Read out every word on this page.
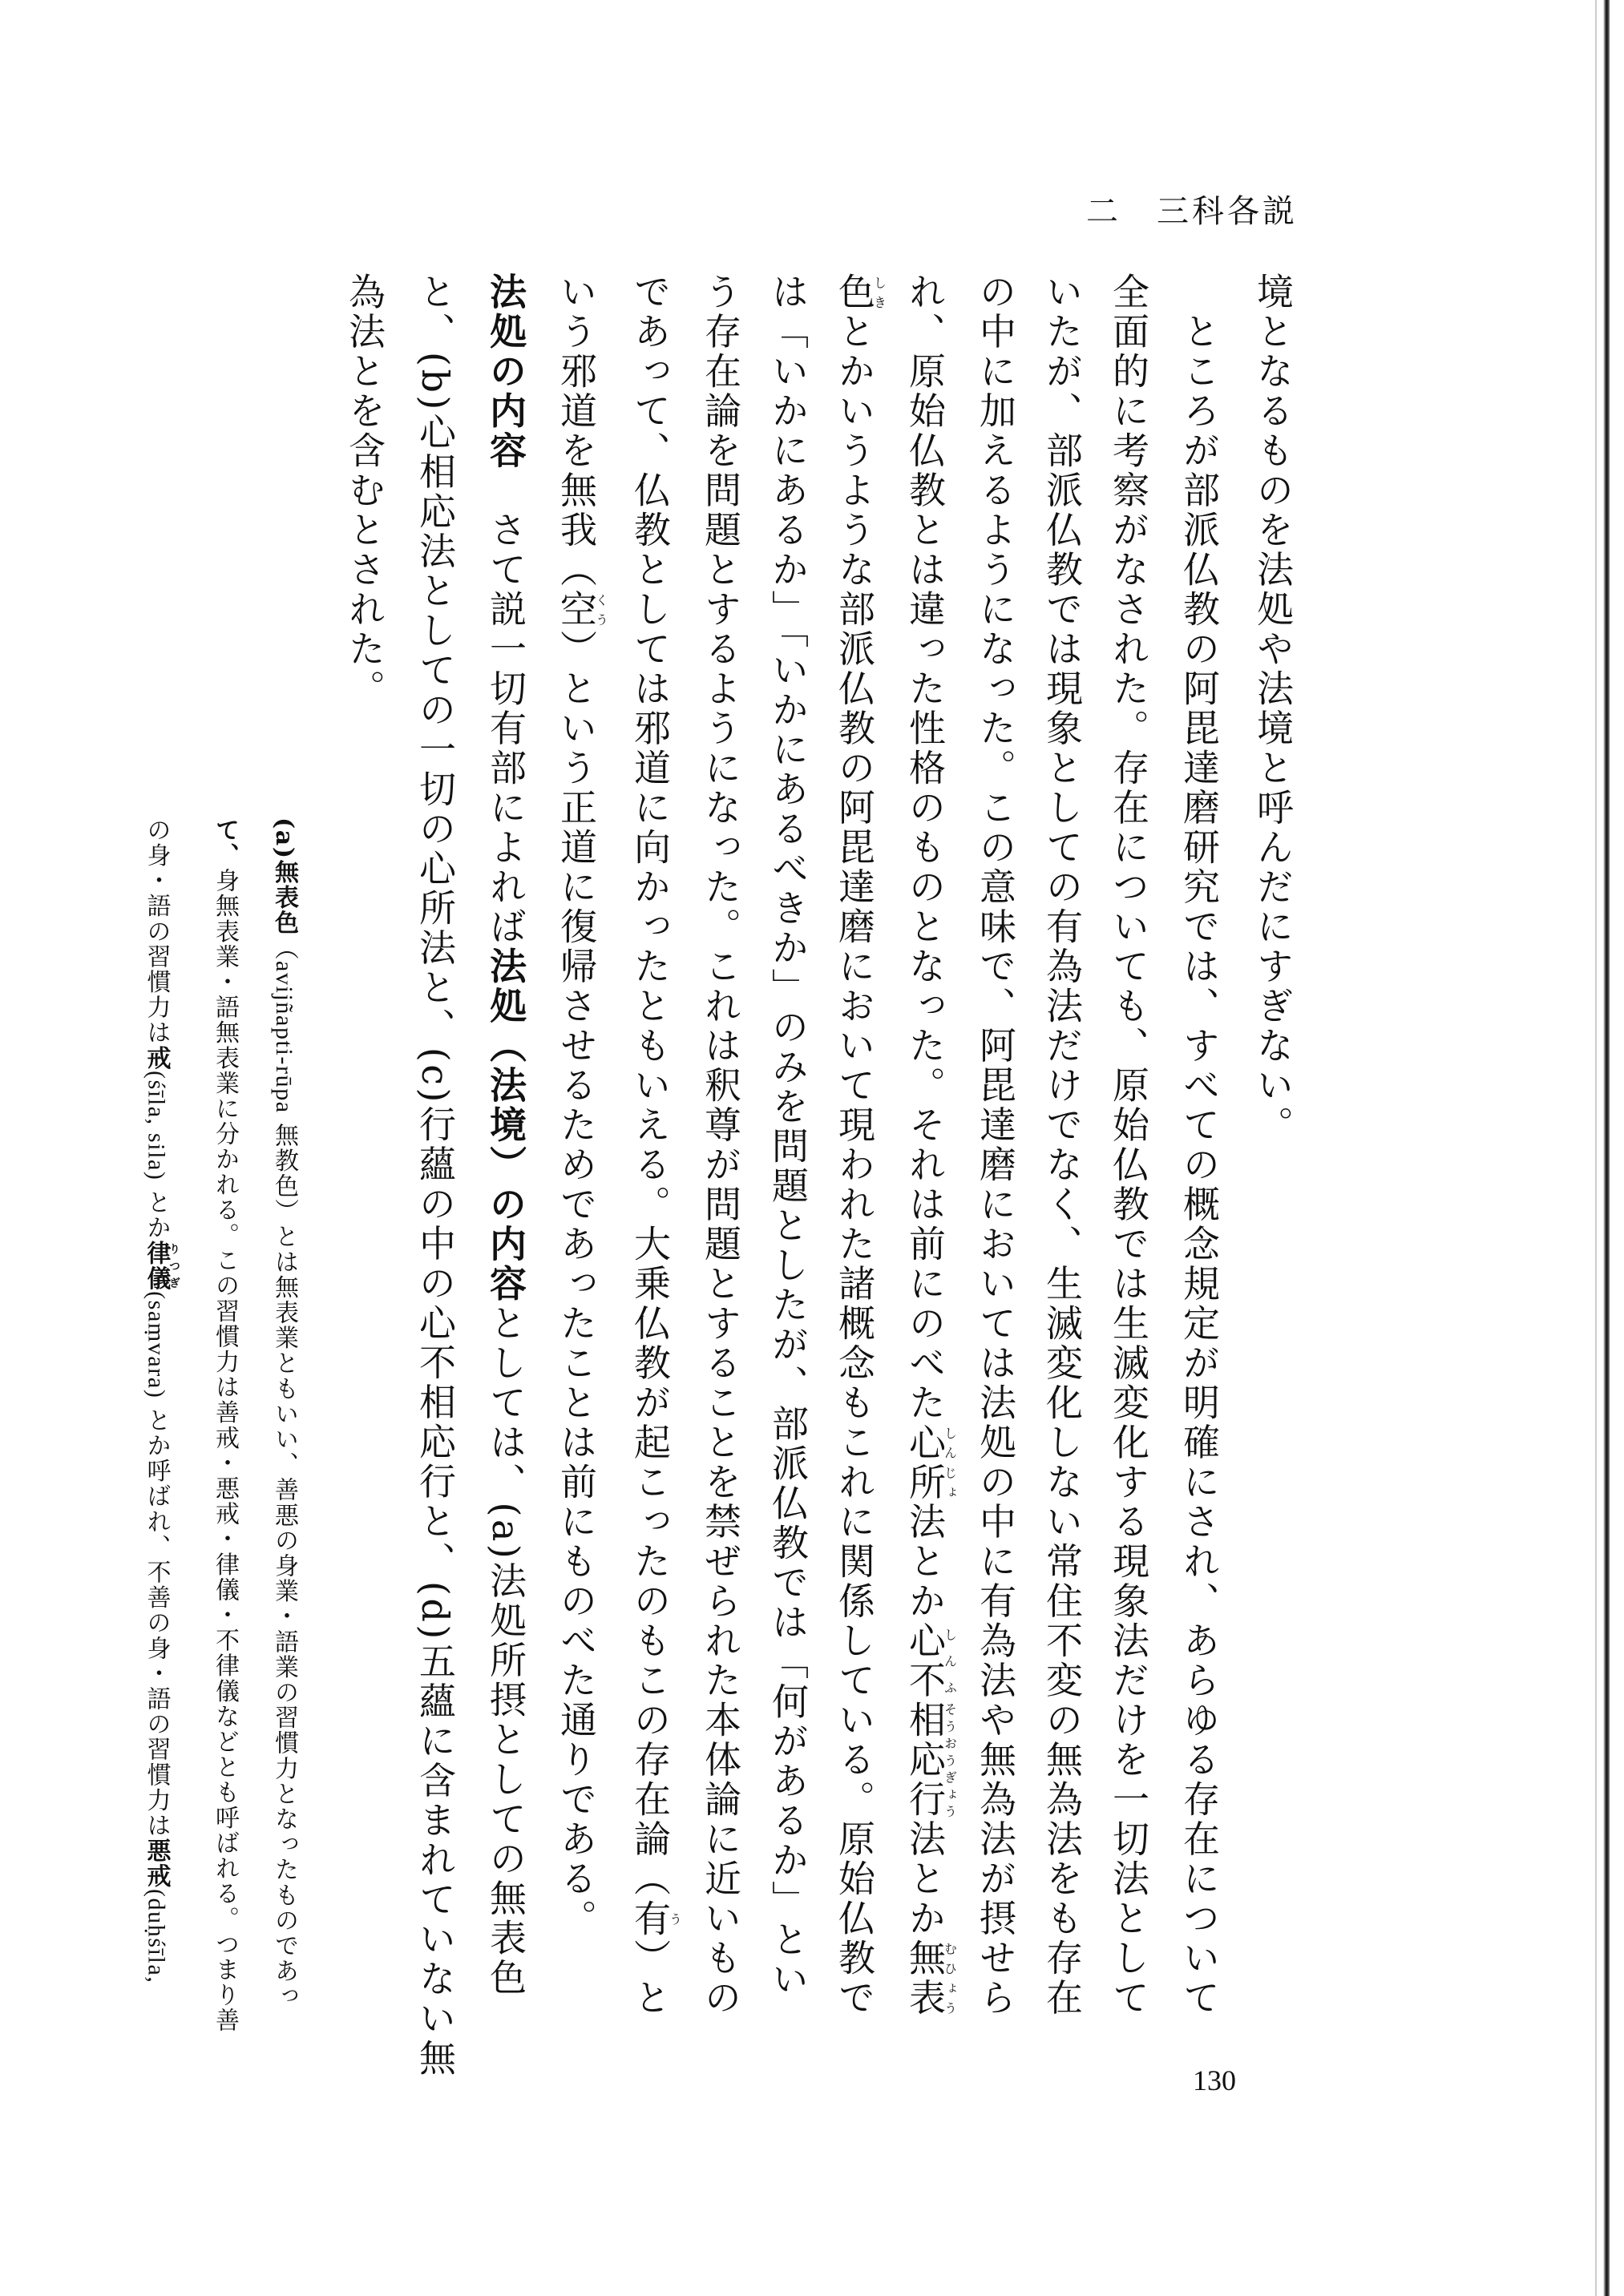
二　三科各説
境となるものを法処や法境と呼んだにすぎない。
　ところが部派仏教の阿毘達磨研究では、すべての概念規定が明確にされ、あらゆる存在について
全面的に考察がなされた。存在についても、原始仏教では生滅変化する現象法だけを一切法として
いたが、部派仏教では現象としての有為法だけでなく、生滅変化しない常住不変の無為法をも存在
の中に加えるようになった。この意味で、阿毘達磨においては法処の中に有為法や無為法が摂せら
れ、原始仏教とは違った性格のものとなった。それは前にのべた心所しんじょ法とか心不しんふ相応行そうおうぎょう法とか無表むひょう
色しきとかいうような部派仏教の阿毘達磨において現われた諸概念もこれに関係している。原始仏教で
は「いかにあるか」「いかにあるべきか」のみを問題としたが、部派仏教では「何があるか」とい
う存在論を問題とするようになった。これは釈尊が問題とすることを禁ぜられた本体論に近いもの
であって、仏教としては邪道に向かったともいえる。大乗仏教が起こったのもこの存在論（有う）と
いう邪道を無我（空くう）という正道に復帰させるためであったことは前にものべた通りである。
法処の内容　さて説一切有部によれば法処（法境）の内容としては、(a)法処所摂としての無表色
と、(b)心相応法としての一切の心所法と、(c)行蘊の中の心不相応行と、(d)五蘊に含まれていない無
為法とを含むとされた。
(a)無表色（avijñapti-rūpa 無教色）とは無表業ともいい、善悪の身業・語業の習慣力となったものであっ
て、身無表業・語無表業に分かれる。この習慣力は善戒・悪戒・律儀・不律儀などとも呼ばれる。つまり善
の身・語の習慣力は戒(śīla, sila) とか律儀りつぎ(saṃvara) とか呼ばれ、不善の身・語の習慣力は悪戒(duḥśīla,
130
